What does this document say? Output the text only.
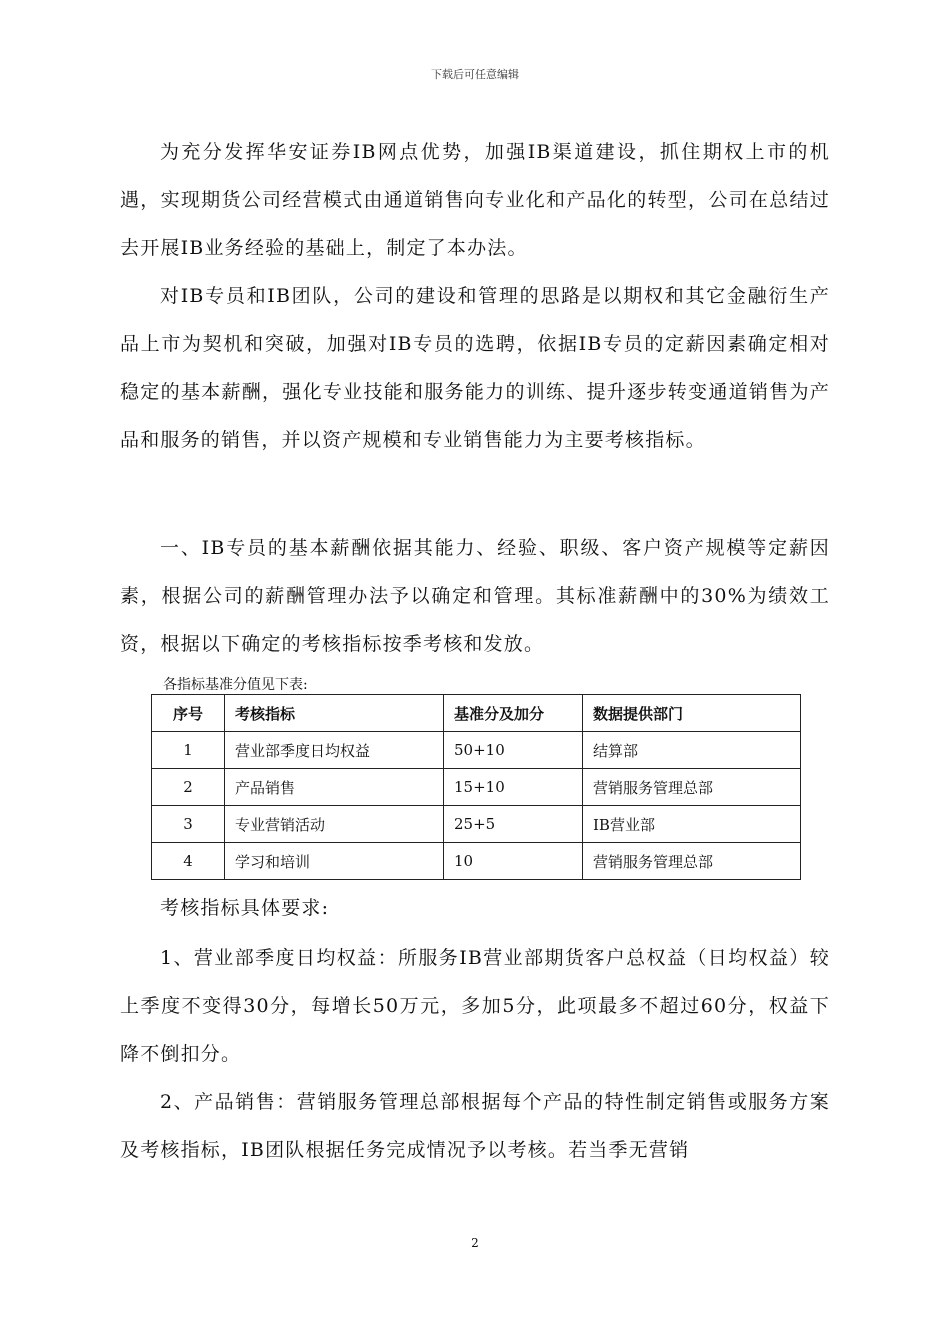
下载后可任意编辑

为充分发挥华安证券IB网点优势，加强IB渠道建设，抓住期权上市的机遇，实现期货公司经营模式由通道销售向专业化和产品化的转型，公司在总结过去开展IB业务经验的基础上，制定了本办法。

对IB专员和IB团队，公司的建设和管理的思路是以期权和其它金融衍生产品上市为契机和突破，加强对IB专员的选聘，依据IB专员的定薪因素确定相对稳定的基本薪酬，强化专业技能和服务能力的训练、提升逐步转变通道销售为产品和服务的销售，并以资产规模和专业销售能力为主要考核指标。

一、IB专员的基本薪酬依据其能力、经验、职级、客户资产规模等定薪因素，根据公司的薪酬管理办法予以确定和管理。其标准薪酬中的30%为绩效工资，根据以下确定的考核指标按季考核和发放。

各指标基准分值见下表:
序号	考核指标	基准分及加分	数据提供部门
1	营业部季度日均权益	50+10	结算部
2	产品销售	15+10	营销服务管理总部
3	专业营销活动	25+5	IB营业部
4	学习和培训	10	营销服务管理总部

考核指标具体要求:

1、营业部季度日均权益：所服务IB营业部期货客户总权益（日均权益）较上季度不变得30分，每增长50万元，多加5分，此项最多不超过60分，权益下降不倒扣分。

2、产品销售：营销服务管理总部根据每个产品的特性制定销售或服务方案及考核指标，IB团队根据任务完成情况予以考核。若当季无营销

2
